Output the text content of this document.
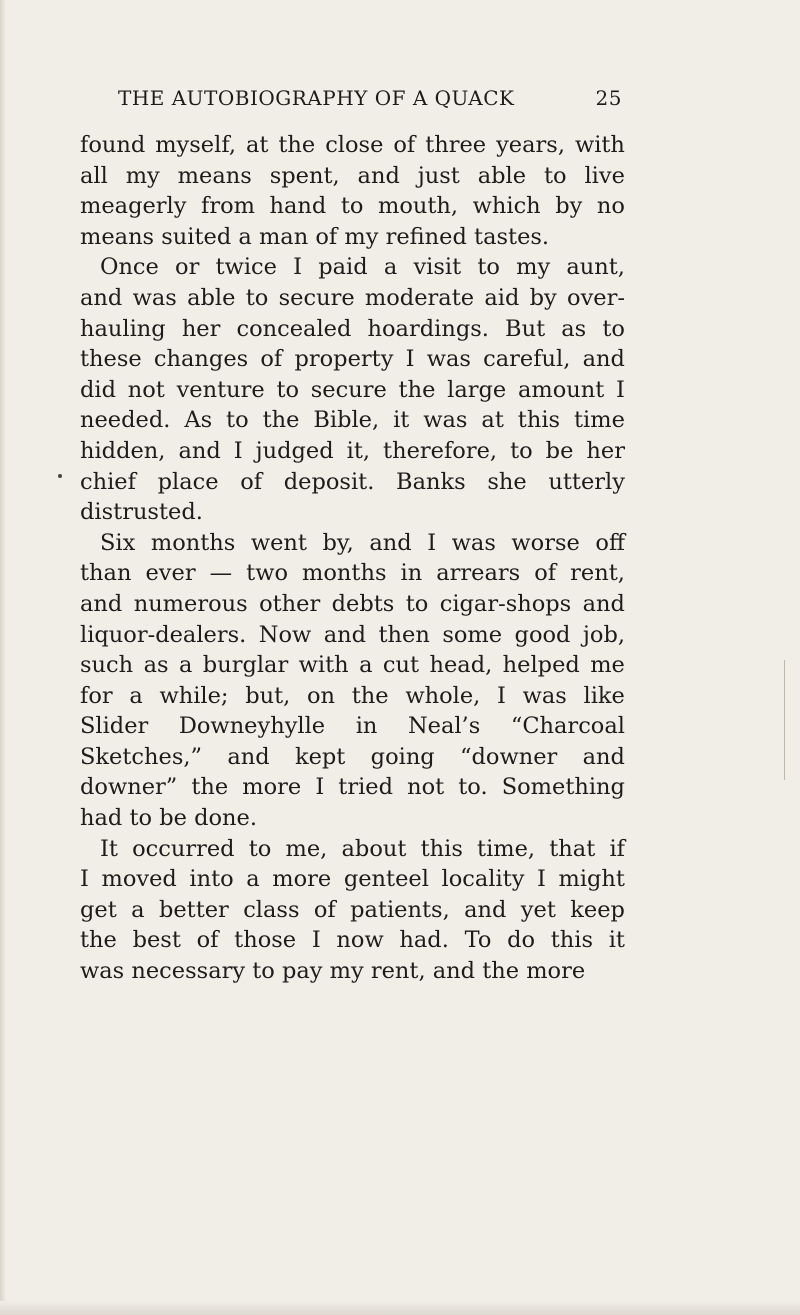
THE AUTOBIOGRAPHY OF A QUACK	25
found myself, at the close of three years, with
all my means spent, and just able to live
meagerly from hand to mouth, which by no
means suited a man of my refined tastes.
Once or twice I paid a visit to my aunt,
and was able to secure moderate aid by over-
hauling her concealed hoardings. But as to
these changes of property I was careful, and
did not venture to secure the large amount I
needed. As to the Bible, it was at this time
hidden, and I judged it, therefore, to be her
chief place of deposit. Banks she utterly
distrusted.
Six months went by, and I was worse off
than ever — two months in arrears of rent,
and numerous other debts to cigar-shops and
liquor-dealers. Now and then some good job,
such as a burglar with a cut head, helped me
for a while; but, on the whole, I was like
Slider Downeyhylle in Neal’s “Charcoal
Sketches,” and kept going “downer and
downer” the more I tried not to. Something
had to be done.
It occurred to me, about this time, that if
I moved into a more genteel locality I might
get a better class of patients, and yet keep
the best of those I now had. To do this it
was necessary to pay my rent, and the more
